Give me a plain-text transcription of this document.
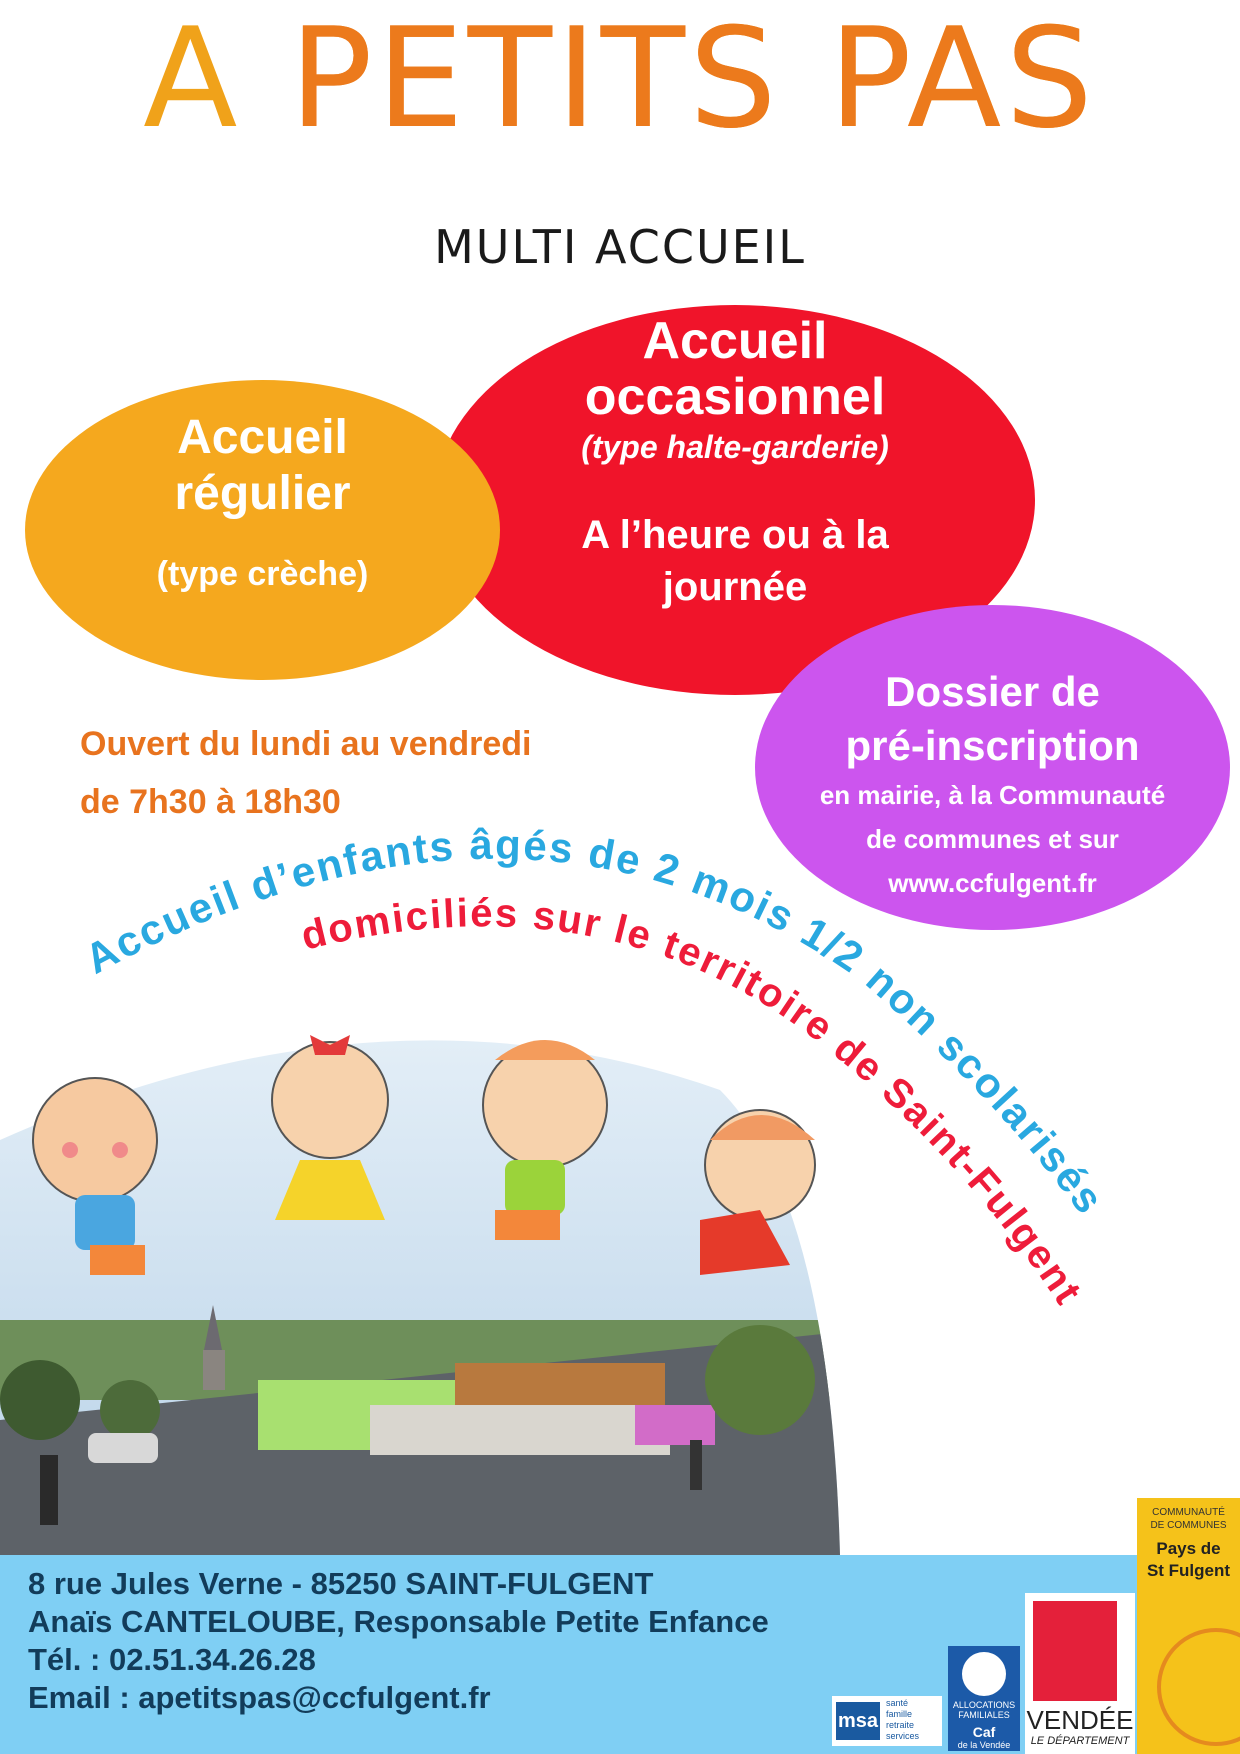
A PETITS PAS
MULTI ACCUEIL
Accueil
occasionnel
(type halte-garderie)
A l’heure ou à la
journée
Accueil
régulier
(type crèche)
Dossier de
pré-inscription
en mairie, à la Communauté
de communes et sur
www.ccfulgent.fr
Ouvert du lundi au vendredi
de 7h30 à 18h30
Accueil d’enfants âgés de 2 mois 1/2 non scolarisés
domiciliés sur le territoire de Saint-Fulgent
8 rue Jules Verne - 85250 SAINT-FULGENT
Anaïs CANTELOUBE, Responsable Petite Enfance
Tél. : 02.51.34.26.28
Email : apetitspas@ccfulgent.fr
msa
santé
famille
retraite
services
ALLOCATIONS
FAMILIALES
Caf
de la Vendée
VENDÉE
LE DÉPARTEMENT
COMMUNAUTÉ
DE COMMUNES
Pays de
St Fulgent
